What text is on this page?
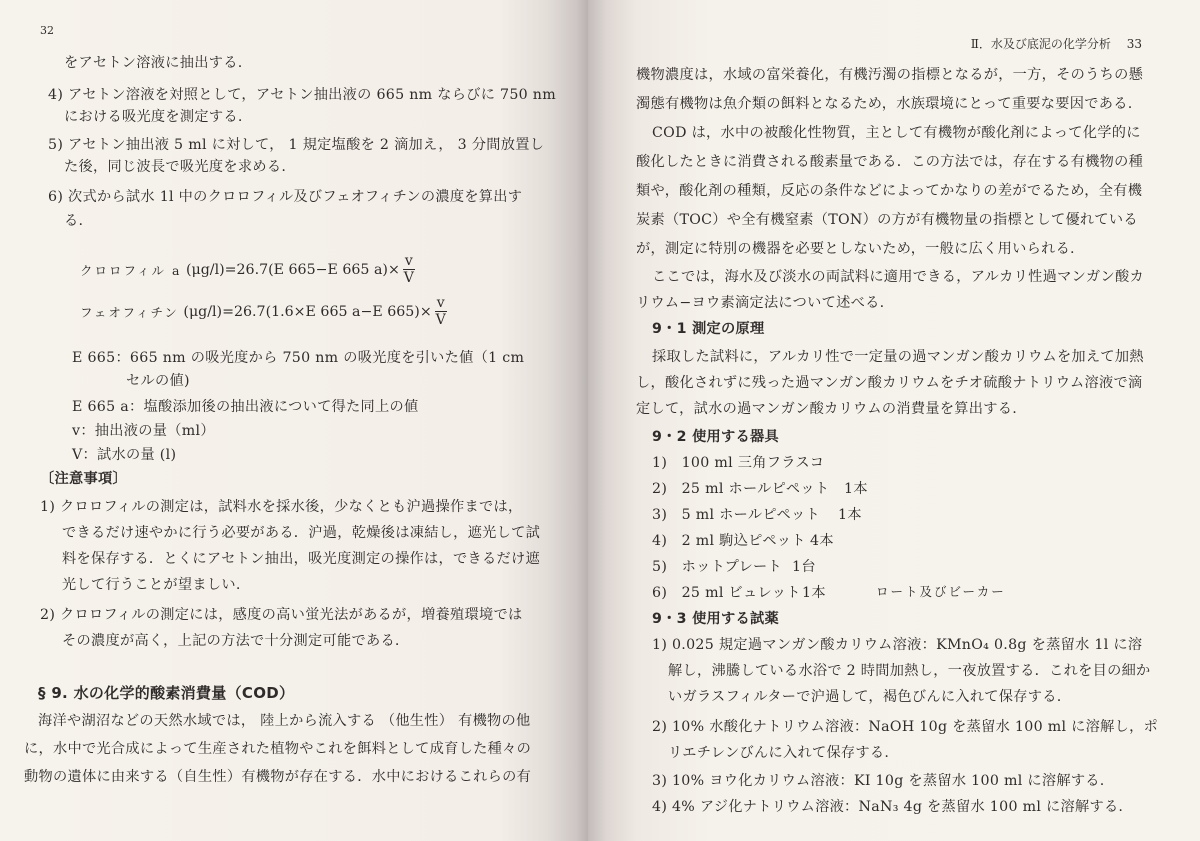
32
をアセトン溶液に抽出する.
4) アセトン溶液を対照として，アセトン抽出液の 665 nm ならびに 750 nm
における吸光度を測定する.
5) アセトン抽出液 5 ml に対して， 1 規定塩酸を 2 滴加え， 3 分間放置し
た後，同じ波長で吸光度を求める.
6) 次式から試水 1l 中のクロロフィル及びフェオフィチンの濃度を算出す
る.
クロロフィル a
(μg/l)=26.7(E 665−E 665 $a)\times \frac{v}{V}$
フェオフィチン
(μg/l)=26.7(1.6×E 665 a−E $665)\times \frac{v}{V}$
E 665：665 nm の吸光度から 750 nm の吸光度を引いた値（1 cm
セルの値)
E 665 a：塩酸添加後の抽出液について得た同上の値
v：抽出液の量（ml）
V：試水の量 (l)
〔注意事項〕
1) クロロフィルの測定は，試料水を採水後，少なくとも沪過操作までは，
できるだけ速やかに行う必要がある．沪過，乾燥後は凍結し，遮光して試
料を保存する．とくにアセトン抽出，吸光度測定の操作は，できるだけ遮
光して行うことが望ましい.
2) クロロフィルの測定には，感度の高い蛍光法があるが，増養殖環境では
その濃度が高く，上記の方法で十分測定可能である.
§ 9. 水の化学的酸素消費量（COD）
海洋や湖沼などの天然水域では， 陸上から流入する （他生性） 有機物の他
に，水中で光合成によって生産された植物やこれを餌料として成育した種々の
動物の遺体に由来する（自生性）有機物が存在する．水中におけるこれらの有
Ⅱ．水及び底泥の化学分析 33
機物濃度は，水域の富栄養化，有機汚濁の指標となるが，一方，そのうちの懸
濁態有機物は魚介類の餌料となるため，水族環境にとって重要な要因である.
COD は，水中の被酸化性物質，主として有機物が酸化剤によって化学的に
酸化したときに消費される酸素量である．この方法では，存在する有機物の種
類や，酸化剤の種類，反応の条件などによってかなりの差がでるため，全有機
炭素（TOC）や全有機窒素（TON）の方が有機物量の指標として優れている
が，測定に特別の機器を必要としないため，一般に広く用いられる.
ここでは，海水及び淡水の両試料に適用できる，アルカリ性過マンガン酸カ
リウム−ヨウ素滴定法について述べる.
9・1 測定の原理
採取した試料に，アルカリ性で一定量の過マンガン酸カリウムを加えて加熱
し，酸化されずに残った過マンガン酸カリウムをチオ硫酸ナトリウム溶液で滴
定して，試水の過マンガン酸カリウムの消費量を算出する.
9・2 使用する器具
1) 100 ml 三角フラスコ
2) 25 ml ホールピペット 1本
3) 5 ml ホールピペット 1本
4) 2 ml 駒込ピペット 4本
5) ホットプレート 1台
6) 25 ml ビュレット 1本	ロート及びビーカー
9・3 使用する試薬
1) 0.025 規定過マンガン酸カリウム溶液：KMnO₄ 0.8g を蒸留水 1l に溶
解し，沸騰している水浴で 2 時間加熱し，一夜放置する．これを目の細か
いガラスフィルターで沪過して，褐色びんに入れて保存する.
2) 10% 水酸化ナトリウム溶液：NaOH 10g を蒸留水 100 ml に溶解し，ポ
リエチレンびんに入れて保存する.
3) 10% ヨウ化カリウム溶液：KI 10g を蒸留水 100 ml に溶解する.
4) 4% アジ化ナトリウム溶液：NaN₃ 4g を蒸留水 100 ml に溶解する.
